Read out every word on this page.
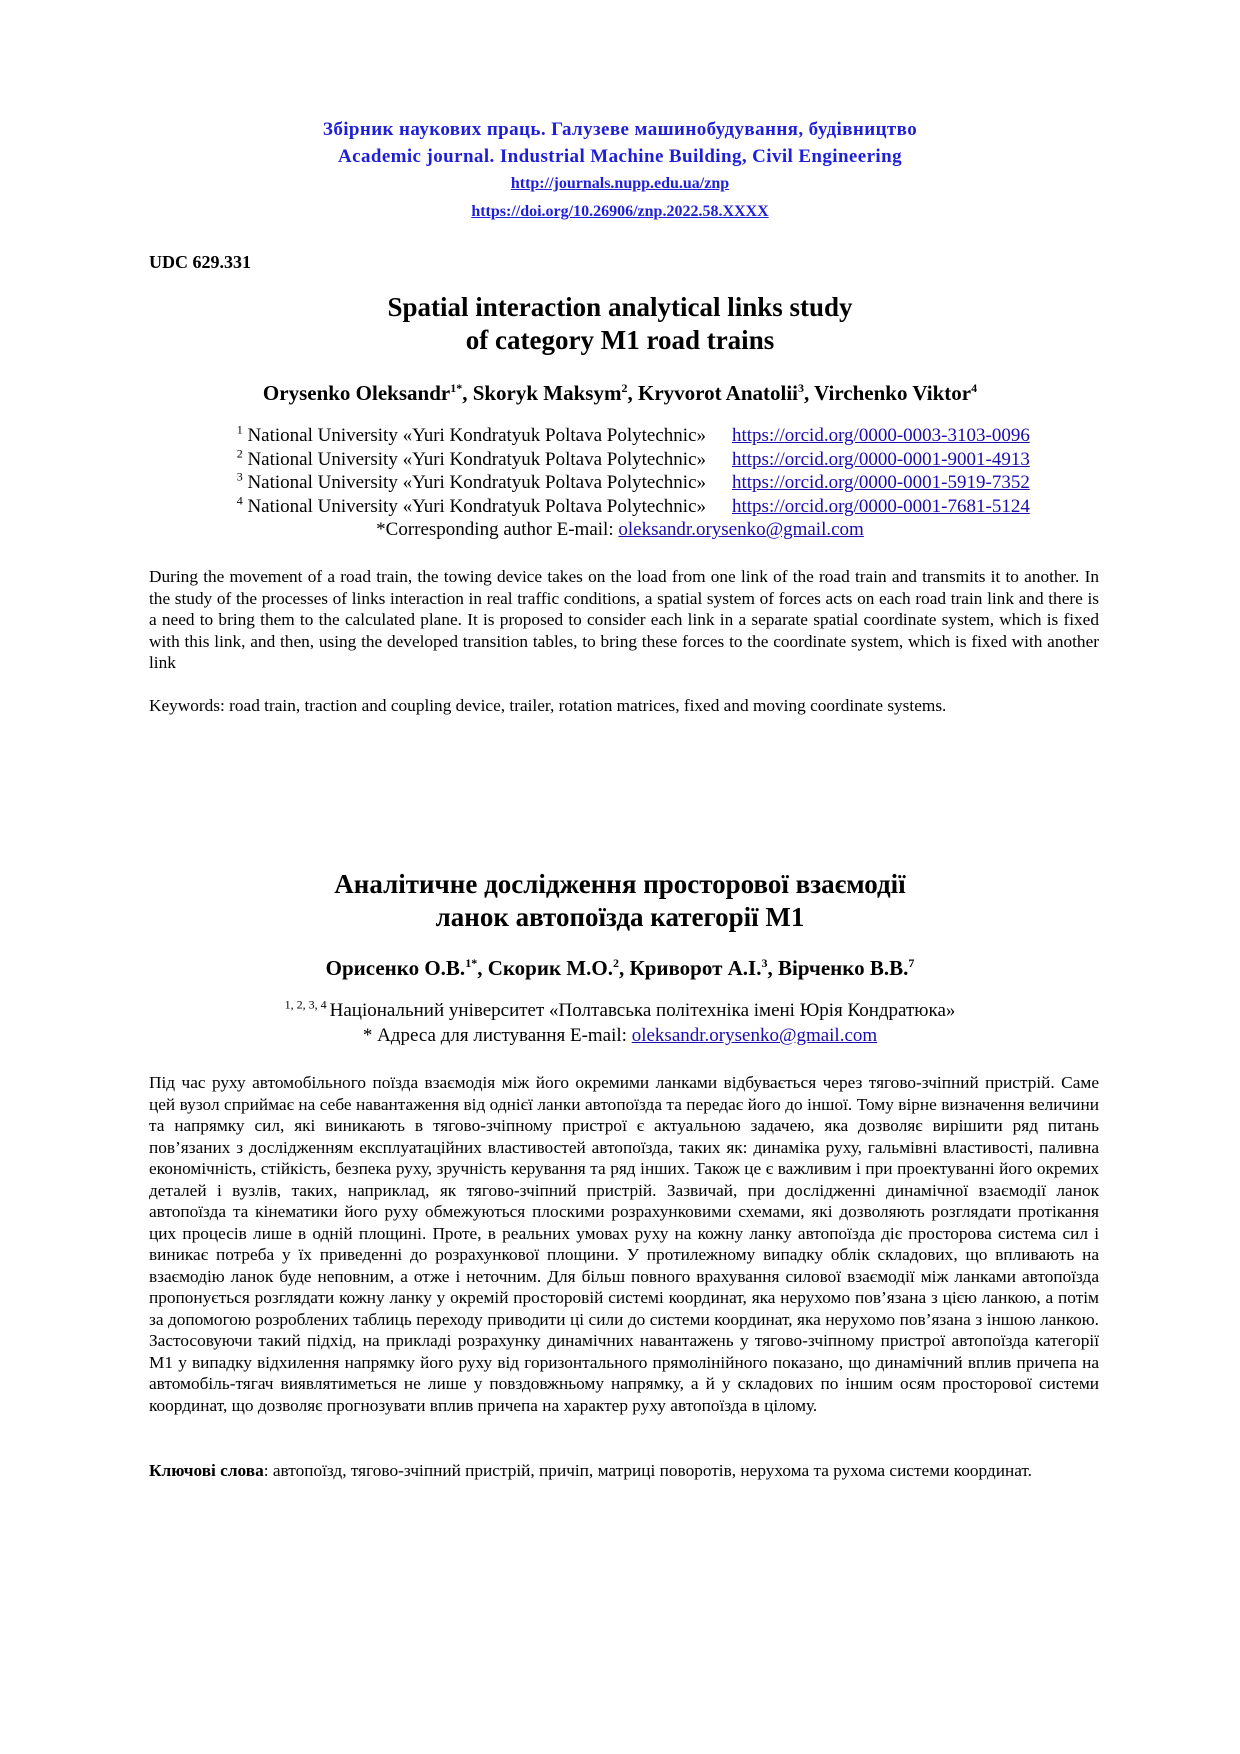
Збірник наукових праць. Галузеве машинобудування, будівництво
Academic journal. Industrial Machine Building, Civil Engineering
http://journals.nupp.edu.ua/znp
https://doi.org/10.26906/znp.2022.58.XXXX
UDC 629.331
Spatial interaction analytical links study
of category M1 road trains
Orysenko Oleksandr$^{1*}$, Skoryk Maksym$^2$, Kryvorot Anatolii$^3$, Virchenko Viktor$^4$
$^1$ National University «Yuri Kondratyuk Poltava Polytechnic» https://orcid.org/0000-0003-3103-0096
$^2$ National University «Yuri Kondratyuk Poltava Polytechnic» https://orcid.org/0000-0001-9001-4913
$^3$ National University «Yuri Kondratyuk Poltava Polytechnic» https://orcid.org/0000-0001-5919-7352
$^4$ National University «Yuri Kondratyuk Poltava Polytechnic» https://orcid.org/0000-0001-7681-5124
*Corresponding author E-mail: oleksandr.orysenko@gmail.com
During the movement of a road train, the towing device takes on the load from one link of the road train and transmits it to another. In the study of the processes of links interaction in real traffic conditions, a spatial system of forces acts on each road train link and there is a need to bring them to the calculated plane. It is proposed to consider each link in a separate spatial coordinate system, which is fixed with this link, and then, using the developed transition tables, to bring these forces to the coordinate system, which is fixed with another link
Keywords: road train, traction and coupling device, trailer, rotation matrices, fixed and moving coordinate systems.
Аналітичне дослідження просторової взаємодії
ланок автопоїзда категорії М1
Орисенко О.В.$^{1*}$, Скорик М.О.$^2$, Криворот А.І.$^3$, Вірченко В.В.$^7$
$^{1, 2, 3, 4}$ Національний університет «Полтавська політехніка імені Юрія Кондратюка»
* Адреса для листування E-mail: oleksandr.orysenko@gmail.com
Під час руху автомобільного поїзда взаємодія між його окремими ланками відбувається через тягово-зчіпний пристрій. Саме цей вузол сприймає на себе навантаження від однієї ланки автопоїзда та передає його до іншої. Тому вірне визначення величини та напрямку сил, які виникають в тягово-зчіпному пристрої є актуальною задачею, яка дозволяє вирішити ряд питань пов’язаних з дослідженням експлуатаційних властивостей автопоїзда, таких як: динаміка руху, гальмівні властивості, паливна економічність, стійкість, безпека руху, зручність керування та ряд інших. Також це є важливим і при проектуванні його окремих деталей і вузлів, таких, наприклад, як тягово-зчіпний пристрій. Зазвичай, при дослідженні динамічної взаємодії ланок автопоїзда та кінематики його руху обмежуються плоскими розрахунковими схемами, які дозволяють розглядати протікання цих процесів лише в одній площині. Проте, в реальних умовах руху на кожну ланку автопоїзда діє просторова система сил і виникає потреба у їх приведенні до розрахункової площини. У протилежному випадку облік складових, що впливають на взаємодію ланок буде неповним, а отже і неточним. Для більш повного врахування силової взаємодії між ланками автопоїзда пропонується розглядати кожну ланку у окремій просторовій системі координат, яка нерухомо пов’язана з цією ланкою, а потім за допомогою розроблених таблиць переходу приводити ці сили до системи координат, яка нерухомо пов’язана з іншою ланкою. Застосовуючи такий підхід, на прикладі розрахунку динамічних навантажень у тягово-зчіпному пристрої автопоїзда категорії М1 у випадку відхилення напрямку його руху від горизонтального прямолінійного показано, що динамічний вплив причепа на автомобіль-тягач виявлятиметься не лише у повздовжньому напрямку, а й у складових по іншим осям просторової системи координат, що дозволяє прогнозувати вплив причепа на характер руху автопоїзда в цілому.
Ключові слова: автопоїзд, тягово-зчіпний пристрій, причіп, матриці поворотів, нерухома та рухома системи координат.
